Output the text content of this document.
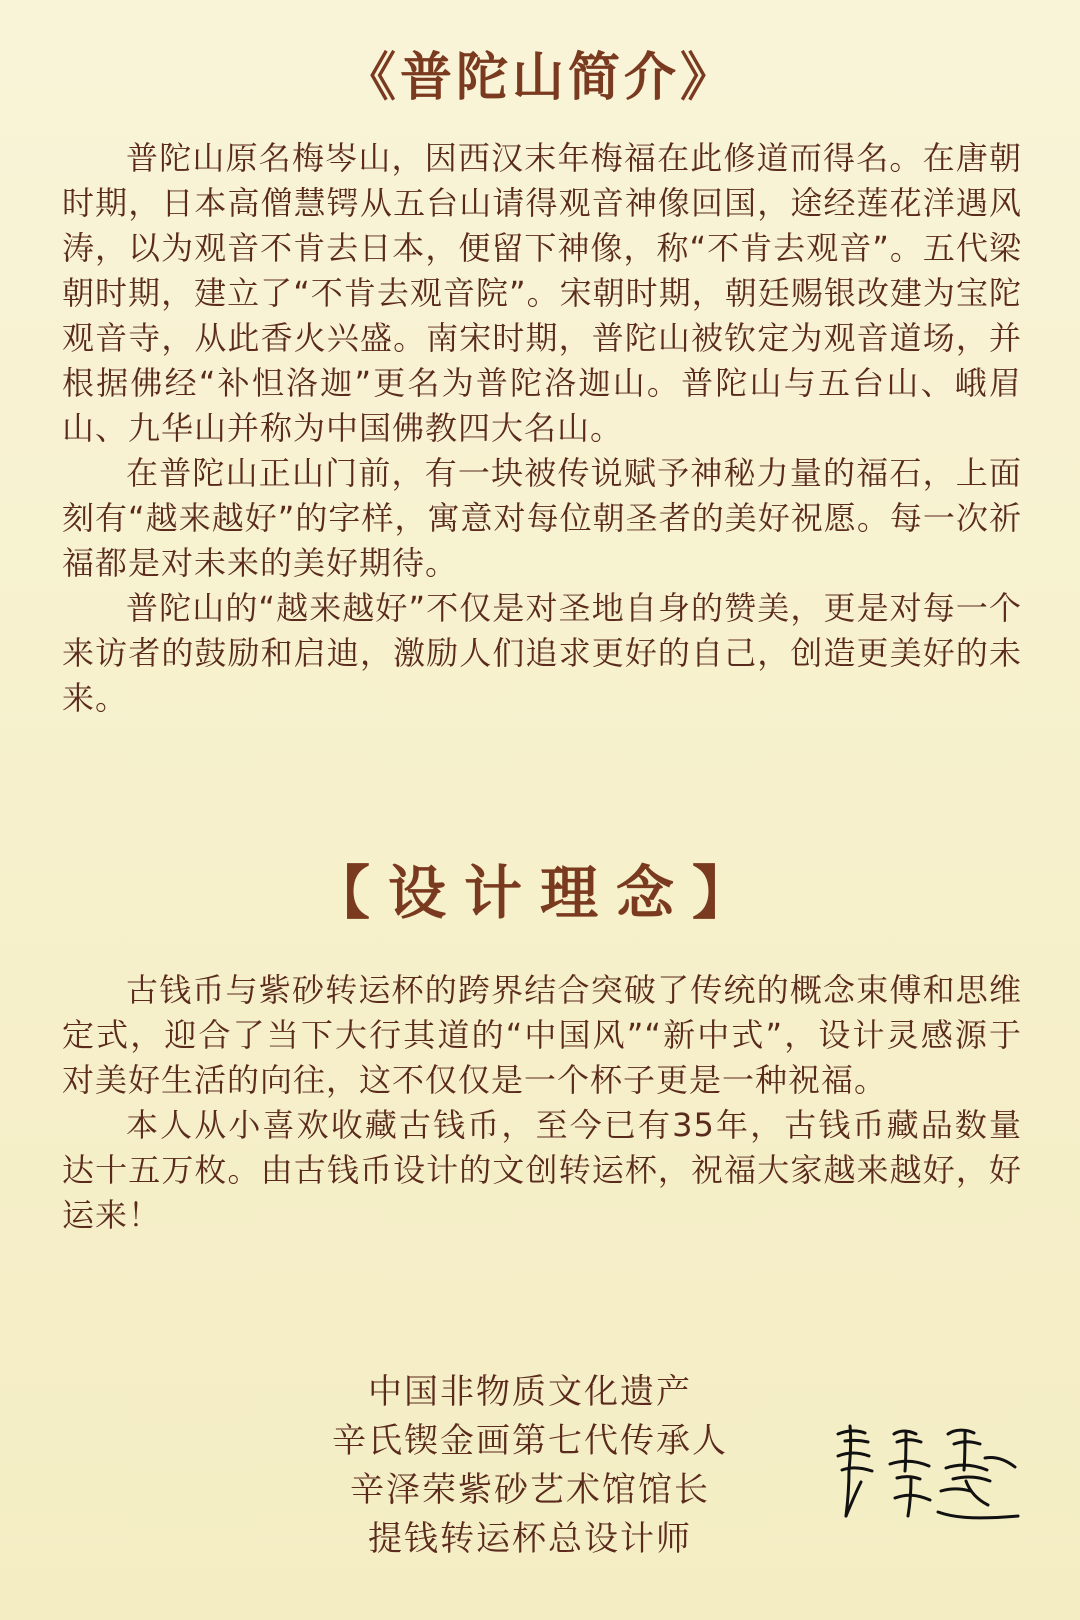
《普陀山简介》

普陀山原名梅岑山，因西汉末年梅福在此修道而得名。在唐朝时期，日本高僧慧锷从五台山请得观音神像回国，途经莲花洋遇风涛，以为观音不肯去日本，便留下神像，称“不肯去观音”。五代梁朝时期，建立了“不肯去观音院”。宋朝时期，朝廷赐银改建为宝陀观音寺，从此香火兴盛。南宋时期，普陀山被钦定为观音道场，并根据佛经“补怛洛迦”更名为普陀洛迦山。普陀山与五台山、峨眉山、九华山并称为中国佛教四大名山。

在普陀山正山门前，有一块被传说赋予神秘力量的福石，上面刻有“越来越好”的字样，寓意对每位朝圣者的美好祝愿。每一次祈福都是对未来的美好期待。

普陀山的“越来越好”不仅是对圣地自身的赞美，更是对每一个来访者的鼓励和启迪，激励人们追求更好的自己，创造更美好的未来。

【设计理念】

古钱币与紫砂转运杯的跨界结合突破了传统的概念束傅和思维定式，迎合了当下大行其道的“中国风”“新中式”，设计灵感源于对美好生活的向往，这不仅仅是一个杯子更是一种祝福。

本人从小喜欢收藏古钱币，至今已有35年，古钱币藏品数量达十五万枚。由古钱币设计的文创转运杯，祝福大家越来越好，好运来！

中国非物质文化遗产
辛氏锲金画第七代传承人
辛泽荣紫砂艺术馆馆长
提钱转运杯总设计师
